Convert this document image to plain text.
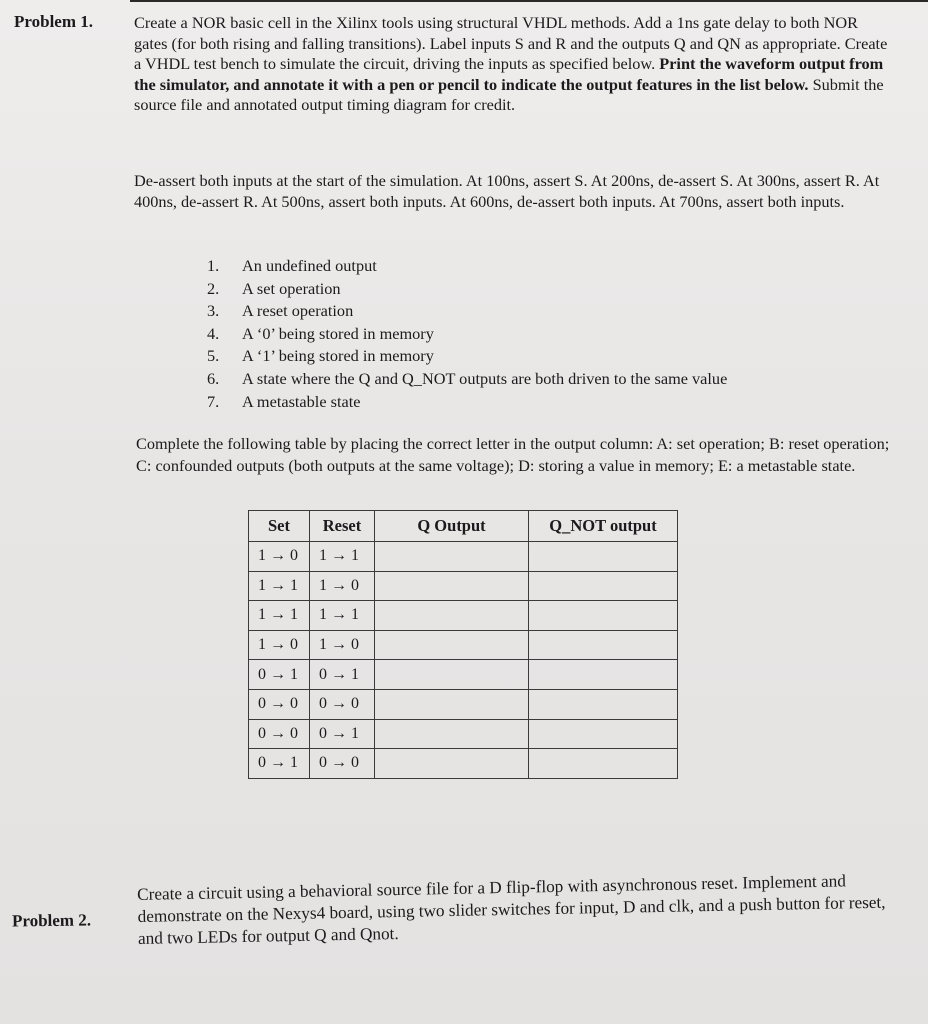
Problem 1.	Create a NOR basic cell in the Xilinx tools using structural VHDL methods. Add a 1ns gate delay to both NOR gates (for both rising and falling transitions). Label inputs S and R and the outputs Q and QN as appropriate. Create a VHDL test bench to simulate the circuit, driving the inputs as specified below. Print the waveform output from the simulator, and annotate it with a pen or pencil to indicate the output features in the list below. Submit the source file and annotated output timing diagram for credit.
De-assert both inputs at the start of the simulation. At 100ns, assert S. At 200ns, de-assert S. At 300ns, assert R. At 400ns, de-assert R. At 500ns, assert both inputs. At 600ns, de-assert both inputs. At 700ns, assert both inputs.
1.	An undefined output
2.	A set operation
3.	A reset operation
4.	A ‘0’ being stored in memory
5.	A ‘1’ being stored in memory
6.	A state where the Q and Q_NOT outputs are both driven to the same value
7.	A metastable state
Complete the following table by placing the correct letter in the output column: A: set operation; B: reset operation; C: confounded outputs (both outputs at the same voltage); D: storing a value in memory; E: a metastable state.
Set	Reset	Q Output	Q_NOT output
1 → 0	1 → 1		
1 → 1	1 → 0		
1 → 1	1 → 1		
1 → 0	1 → 0		
0 → 1	0 → 1		
0 → 0	0 → 0		
0 → 0	0 → 1		
0 → 1	0 → 0		
Problem 2.
Create a circuit using a behavioral source file for a D flip-flop with asynchronous reset. Implement and demonstrate on the Nexys4 board, using two slider switches for input, D and clk, and a push button for reset, and two LEDs for output Q and Qnot.
